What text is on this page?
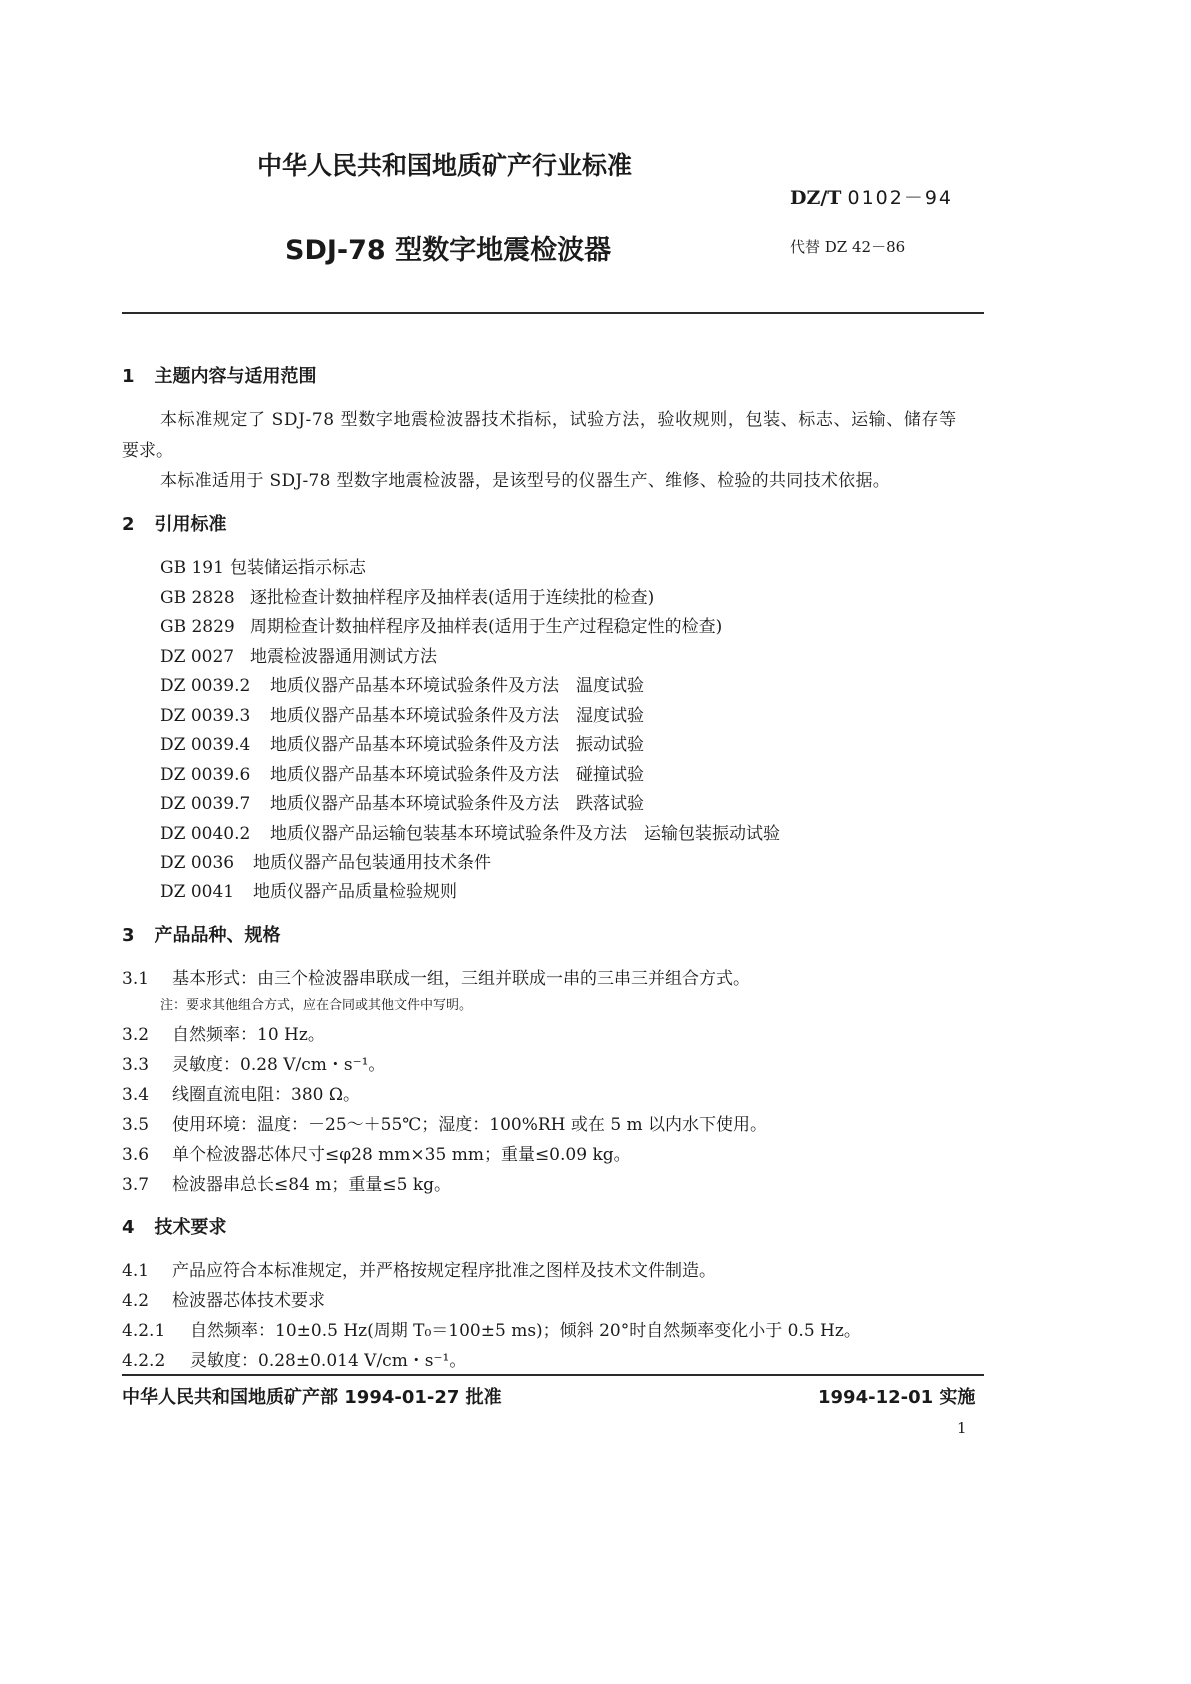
中华人民共和国地质矿产行业标准
DZ/T 0102－94
SDJ-78 型数字地震检波器	代替 DZ 42－86
1 主题内容与适用范围
本标准规定了 SDJ-78 型数字地震检波器技术指标，试验方法，验收规则，包装、标志、运输、储存等
要求。
本标准适用于 SDJ-78 型数字地震检波器，是该型号的仪器生产、维修、检验的共同技术依据。
2 引用标准
GB 191 包装储运指示标志
GB 2828 逐批检查计数抽样程序及抽样表(适用于连续批的检查)
GB 2829 周期检查计数抽样程序及抽样表(适用于生产过程稳定性的检查)
DZ 0027 地震检波器通用测试方法
DZ 0039.2 地质仪器产品基本环境试验条件及方法　温度试验
DZ 0039.3 地质仪器产品基本环境试验条件及方法　湿度试验
DZ 0039.4 地质仪器产品基本环境试验条件及方法　振动试验
DZ 0039.6 地质仪器产品基本环境试验条件及方法　碰撞试验
DZ 0039.7 地质仪器产品基本环境试验条件及方法　跌落试验
DZ 0040.2 地质仪器产品运输包装基本环境试验条件及方法　运输包装振动试验
DZ 0036 地质仪器产品包装通用技术条件
DZ 0041 地质仪器产品质量检验规则
3 产品品种、规格
3.1 基本形式：由三个检波器串联成一组，三组并联成一串的三串三并组合方式。
注：要求其他组合方式，应在合同或其他文件中写明。
3.2 自然频率：10 Hz。
3.3 灵敏度：0.28 V/cm・s⁻¹。
3.4 线圈直流电阻：380 Ω。
3.5 使用环境：温度：－25～＋55℃；湿度：100%RH 或在 5 m 以内水下使用。
3.6 单个检波器芯体尺寸≤φ28 mm×35 mm；重量≤0.09 kg。
3.7 检波器串总长≤84 m；重量≤5 kg。
4 技术要求
4.1 产品应符合本标准规定，并严格按规定程序批准之图样及技术文件制造。
4.2 检波器芯体技术要求
4.2.1 自然频率：10±0.5 Hz(周期 T₀＝100±5 ms)；倾斜 20°时自然频率变化小于 0.5 Hz。
4.2.2 灵敏度：0.28±0.014 V/cm・s⁻¹。
中华人民共和国地质矿产部 1994-01-27 批准	1994-12-01 实施
1
